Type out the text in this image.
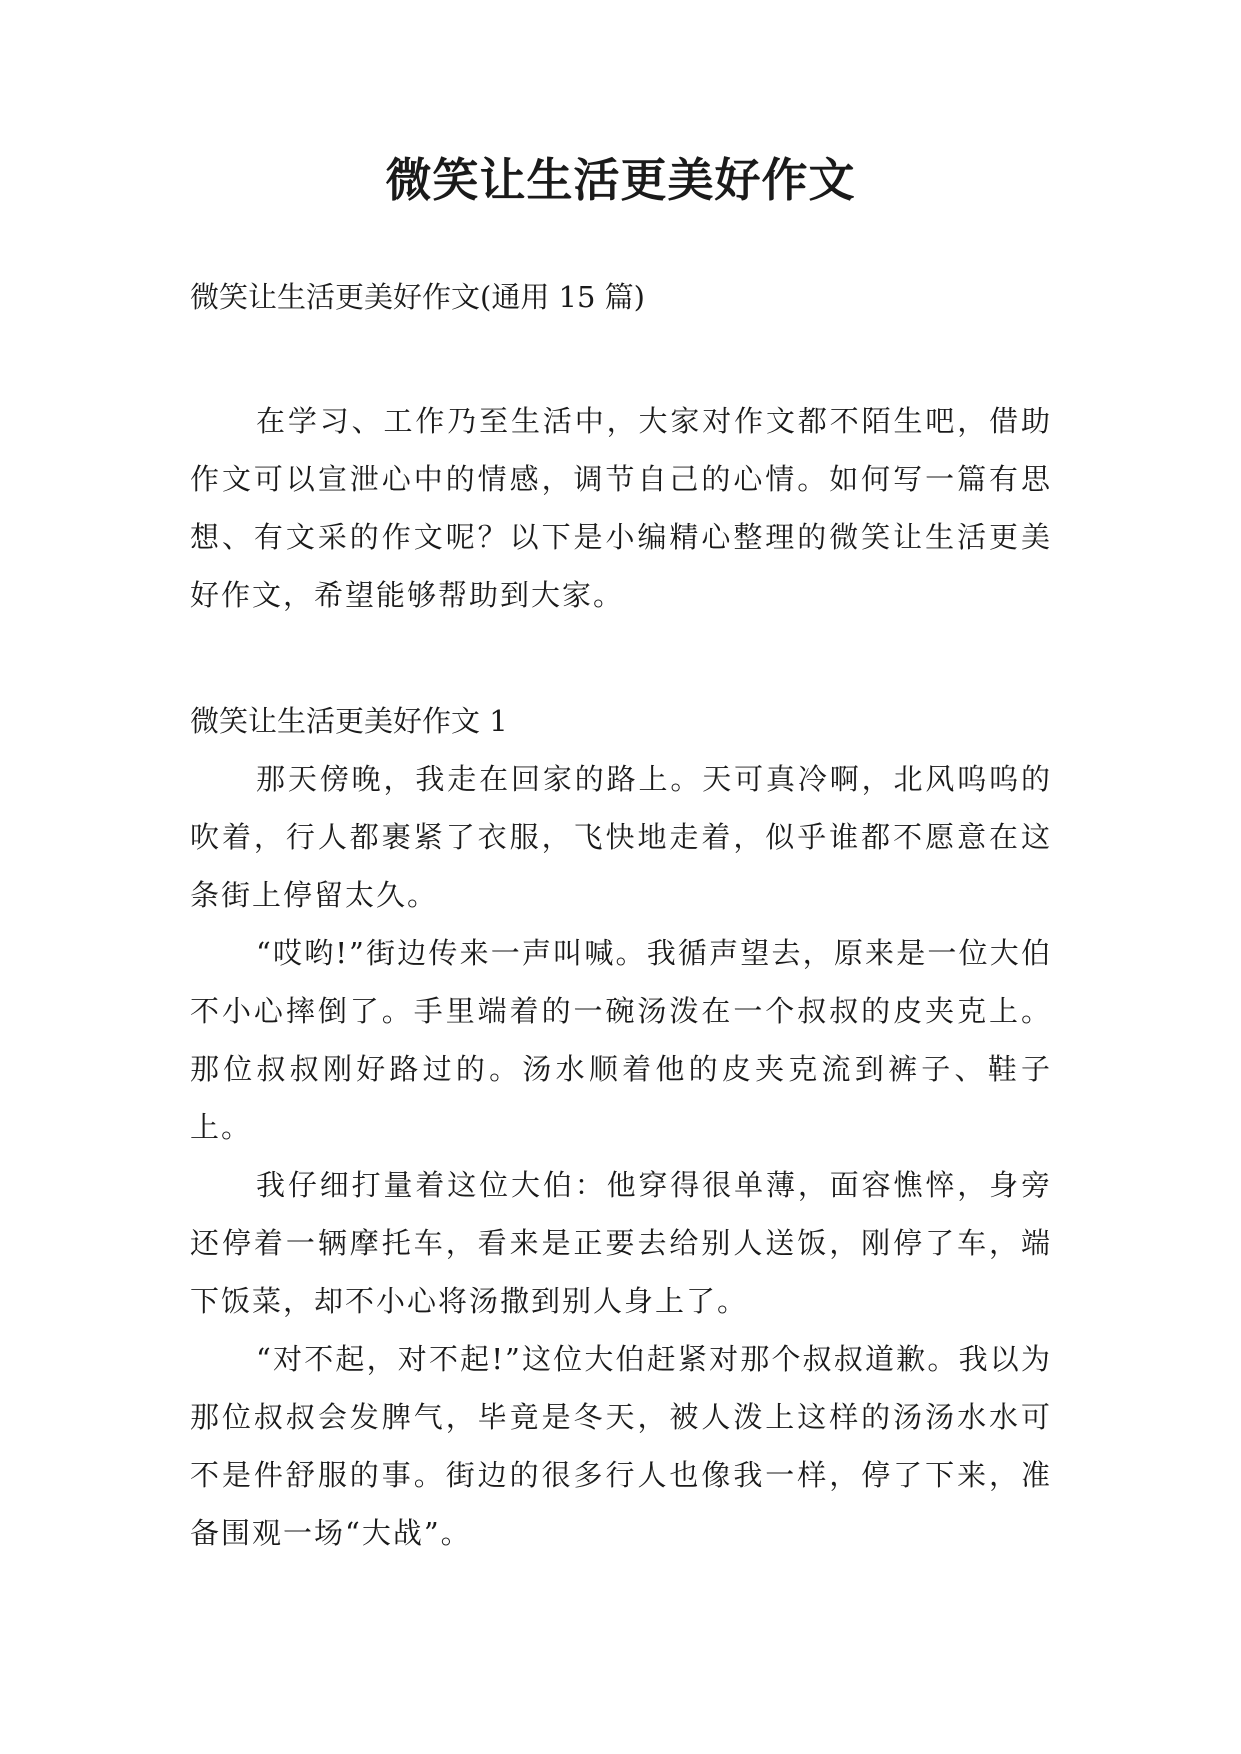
微笑让生活更美好作文

微笑让生活更美好作文(通用 15 篇)

在学习、工作乃至生活中，大家对作文都不陌生吧，借助作文可以宣泄心中的情感，调节自己的心情。如何写一篇有思想、有文采的作文呢？以下是小编精心整理的微笑让生活更美好作文，希望能够帮助到大家。

微笑让生活更美好作文 1

那天傍晚，我走在回家的路上。天可真冷啊，北风呜呜的吹着，行人都裹紧了衣服，飞快地走着，似乎谁都不愿意在这条街上停留太久。

“哎哟!”街边传来一声叫喊。我循声望去，原来是一位大伯不小心摔倒了。手里端着的一碗汤泼在一个叔叔的皮夹克上。那位叔叔刚好路过的。汤水顺着他的皮夹克流到裤子、鞋子上。

我仔细打量着这位大伯：他穿得很单薄，面容憔悴，身旁还停着一辆摩托车，看来是正要去给别人送饭，刚停了车，端下饭菜，却不小心将汤撒到别人身上了。

“对不起，对不起!”这位大伯赶紧对那个叔叔道歉。我以为那位叔叔会发脾气，毕竟是冬天，被人泼上这样的汤汤水水可不是件舒服的事。街边的很多行人也像我一样，停了下来，准备围观一场“大战”。
